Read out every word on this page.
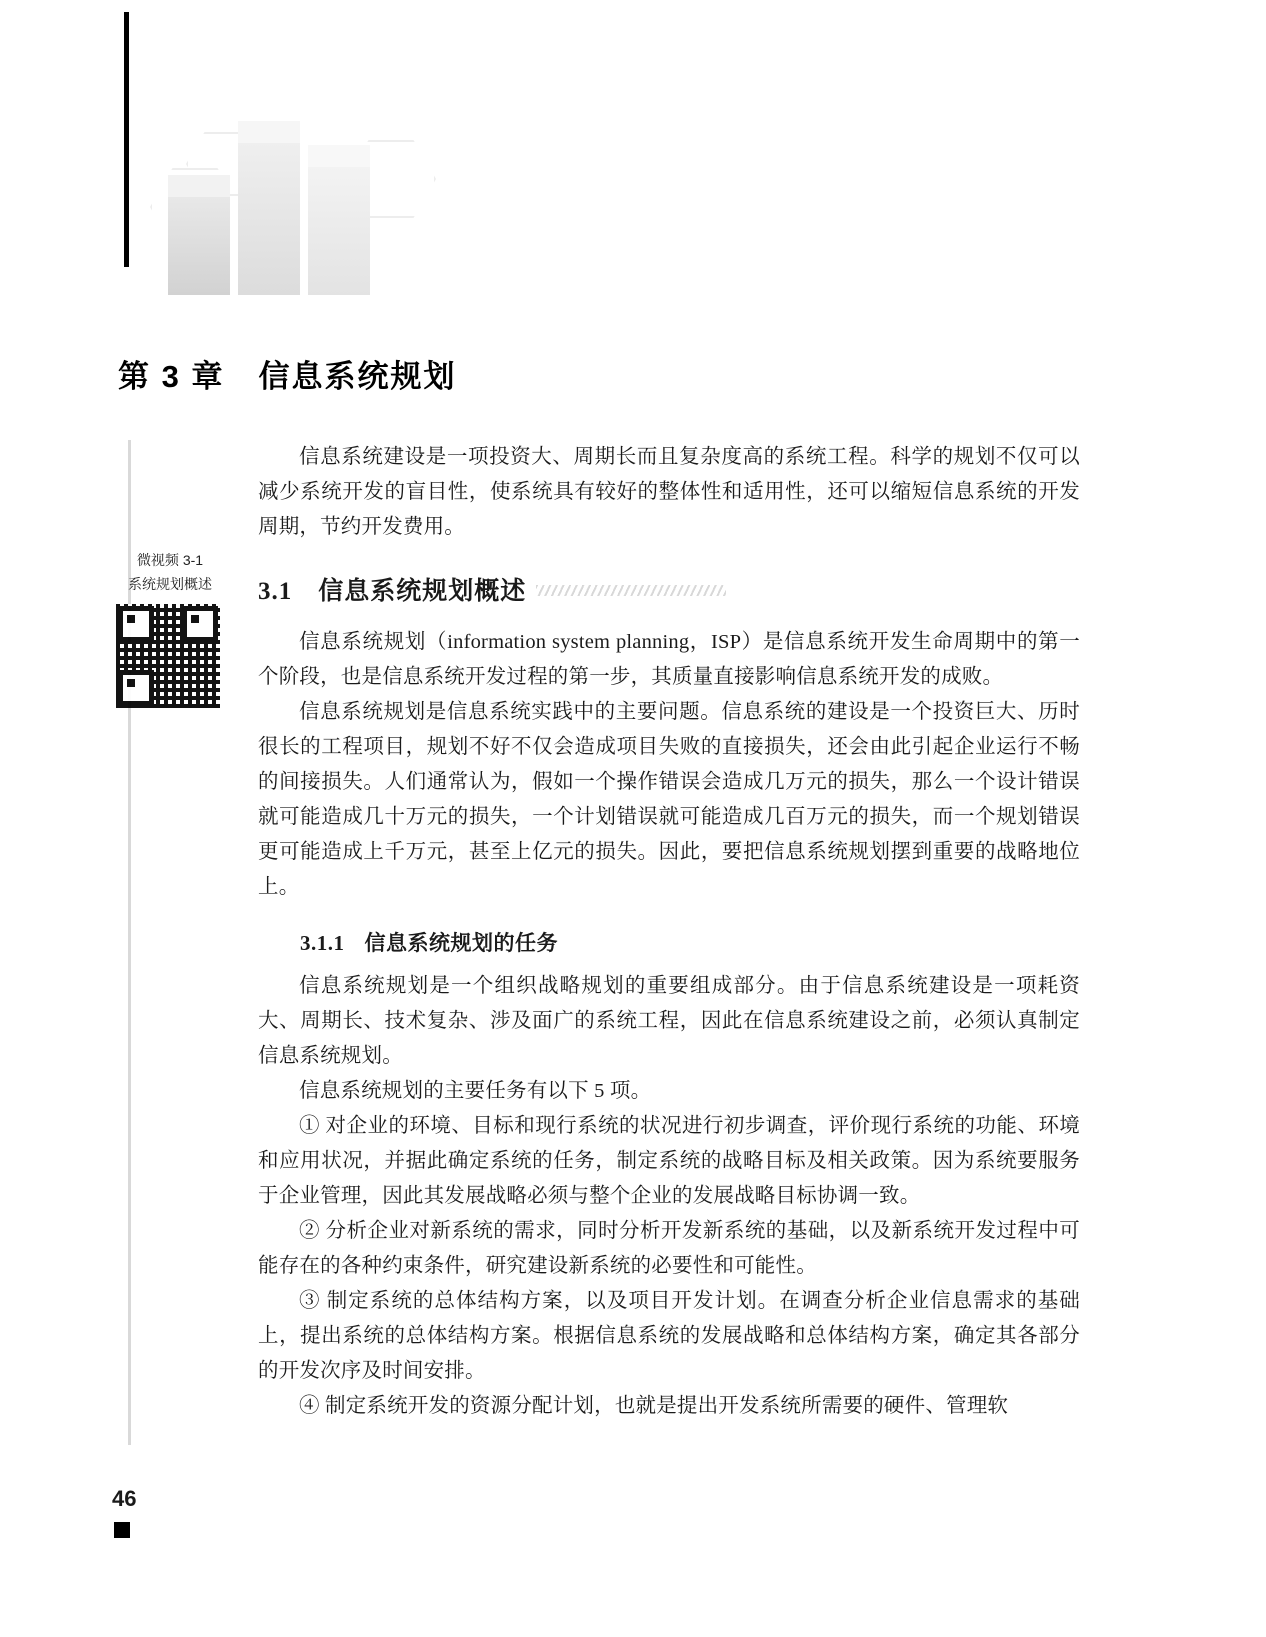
第 3 章 信息系统规划
微视频 3-1
系统规划概述

信息系统建设是一项投资大、周期长而且复杂度高的系统工程。科学的规划不仅可以减少系统开发的盲目性，使系统具有较好的整体性和适用性，还可以缩短信息系统的开发周期，节约开发费用。

3.1 信息系统规划概述

信息系统规划（information system planning，ISP）是信息系统开发生命周期中的第一个阶段，也是信息系统开发过程的第一步，其质量直接影响信息系统开发的成败。

信息系统规划是信息系统实践中的主要问题。信息系统的建设是一个投资巨大、历时很长的工程项目，规划不好不仅会造成项目失败的直接损失，还会由此引起企业运行不畅的间接损失。人们通常认为，假如一个操作错误会造成几万元的损失，那么一个设计错误就可能造成几十万元的损失，一个计划错误就可能造成几百万元的损失，而一个规划错误更可能造成上千万元，甚至上亿元的损失。因此，要把信息系统规划摆到重要的战略地位上。

3.1.1 信息系统规划的任务

信息系统规划是一个组织战略规划的重要组成部分。由于信息系统建设是一项耗资大、周期长、技术复杂、涉及面广的系统工程，因此在信息系统建设之前，必须认真制定信息系统规划。

信息系统规划的主要任务有以下 5 项。

① 对企业的环境、目标和现行系统的状况进行初步调查，评价现行系统的功能、环境和应用状况，并据此确定系统的任务，制定系统的战略目标及相关政策。因为系统要服务于企业管理，因此其发展战略必须与整个企业的发展战略目标协调一致。

② 分析企业对新系统的需求，同时分析开发新系统的基础，以及新系统开发过程中可能存在的各种约束条件，研究建设新系统的必要性和可能性。

③ 制定系统的总体结构方案，以及项目开发计划。在调查分析企业信息需求的基础上，提出系统的总体结构方案。根据信息系统的发展战略和总体结构方案，确定其各部分的开发次序及时间安排。

④ 制定系统开发的资源分配计划，也就是提出开发系统所需要的硬件、管理软

46
